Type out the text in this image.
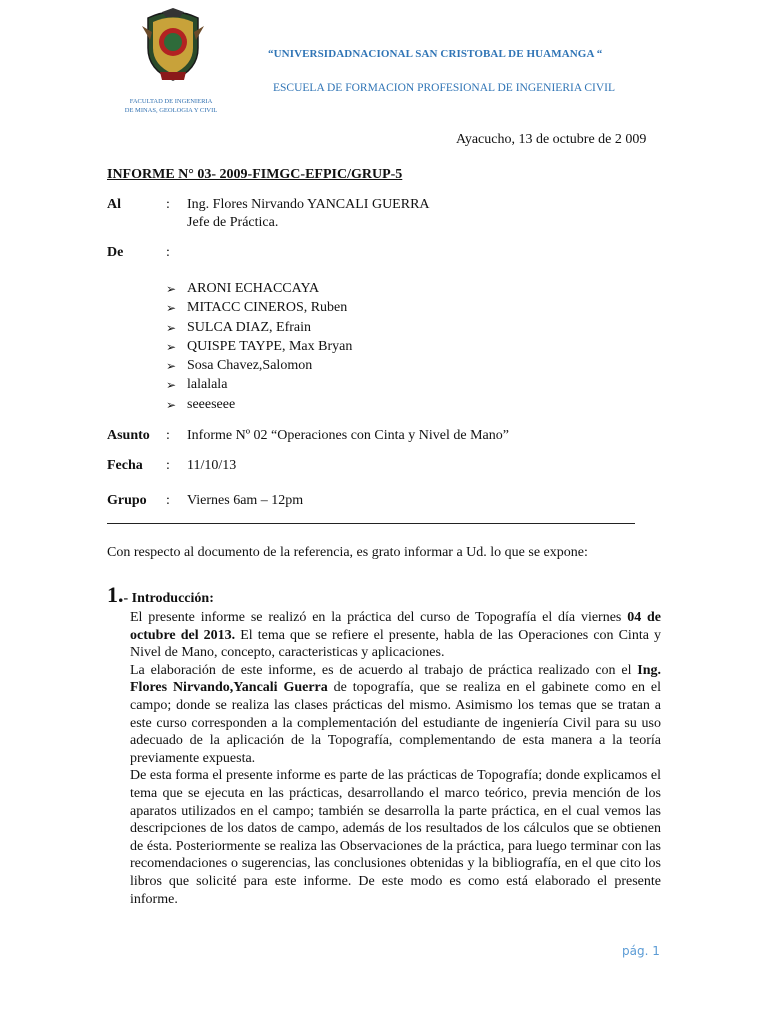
FACULTAD DE INGENIERIA
DE MINAS, GEOLOGIA Y CIVIL
“UNIVERSIDADNACIONAL SAN CRISTOBAL DE HUAMANGA “
ESCUELA DE FORMACION PROFESIONAL DE INGENIERIA CIVIL
Ayacucho, 13 de octubre de 2 009
INFORME N° 03- 2009-FIMGC-EFPIC/GRUP-5
Al	: Ing. Flores Nirvando YANCALI GUERRA
Jefe de Práctica.
De	:
➢ ARONI ECHACCAYA
➢ MITACC CINEROS, Ruben
➢ SULCA DIAZ, Efrain
➢ QUISPE TAYPE, Max Bryan
➢ Sosa Chavez,Salomon
➢ lalalala
➢ seeeseee
Asunto : Informe Nº 02 “Operaciones con Cinta y Nivel de Mano”
Fecha : 11/10/13
Grupo : Viernes 6am – 12pm
Con respecto al documento de la referencia, es grato informar a Ud. lo que se expone:
1.- Introducción:

El presente informe se realizó en la práctica del curso de Topografía el día viernes 04 de octubre del 2013. El tema que se refiere el presente, habla de las Operaciones con Cinta y Nivel de Mano, concepto, caracteristicas y aplicaciones.

La elaboración de este informe, es de acuerdo al trabajo de práctica realizado con el Ing. Flores Nirvando,Yancali Guerra de topografía, que se realiza en el gabinete como en el campo; donde se realiza las clases prácticas del mismo. Asimismo los temas que se tratan a este curso corresponden a la complementación del estudiante de ingeniería Civil para su uso adecuado de la aplicación de la Topografía, complementando de esta manera a la teoría previamente expuesta.

De esta forma el presente informe es parte de las prácticas de Topografía; donde explicamos el tema que se ejecuta en las prácticas, desarrollando el marco teórico, previa mención de los aparatos utilizados en el campo; también se desarrolla la parte práctica, en el cual vemos las descripciones de los datos de campo, además de los resultados de los cálculos que se obtienen de ésta. Posteriormente se realiza las Observaciones de la práctica, para luego terminar con las recomendaciones o sugerencias, las conclusiones obtenidas y la bibliografía, en el que cito los libros que solicité para este informe. De este modo es como está elaborado el presente informe.

pág. 1
